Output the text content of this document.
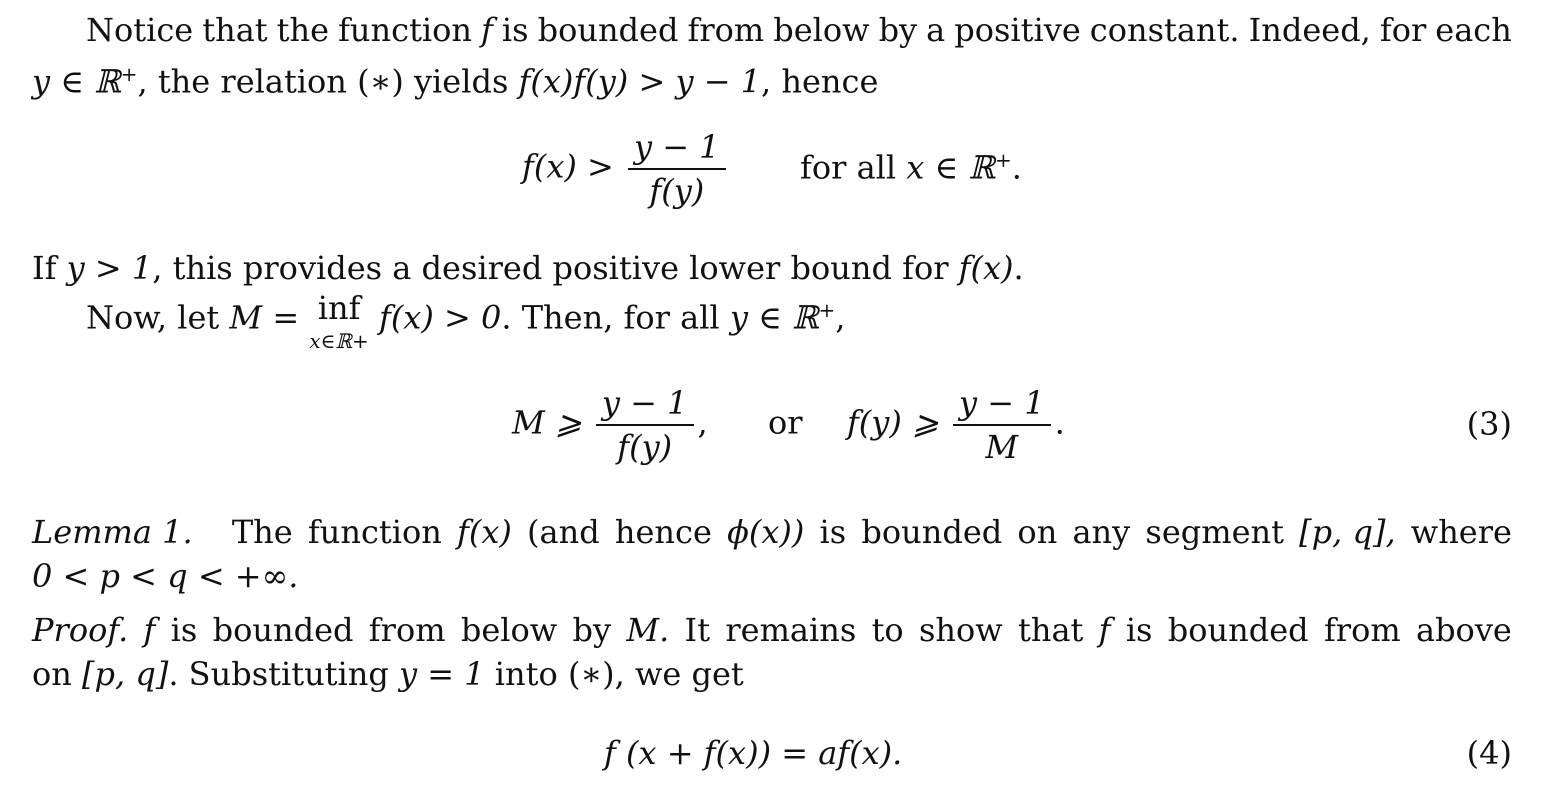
Notice that the function f is bounded from below by a positive constant. Indeed, for each
y ∈ ℝ+, the relation (∗) yields f(x)f(y) > y − 1, hence
$f(x) > \frac{y - 1}{f(y)}$ for all x ∈ ℝ+.
If y > 1, this provides a desired positive lower bound for f(x).
Now, let M = inf
x∈ℝ+
f(x) > 0. Then, for all y ∈ ℝ+,
M ⩾ $\frac{y - 1}{f(y)}$ , or f(y) ⩾ $\frac{y - 1}{M}$ .	(3)
Lemma 1. The function f(x) (and hence ϕ(x)) is bounded on any segment [p, q], where
0 < p < q < +∞.
Proof. f is bounded from below by M. It remains to show that f is bounded from above
on [p, q]. Substituting y = 1 into (∗), we get
f (x + f(x)) = af(x).	(4)
